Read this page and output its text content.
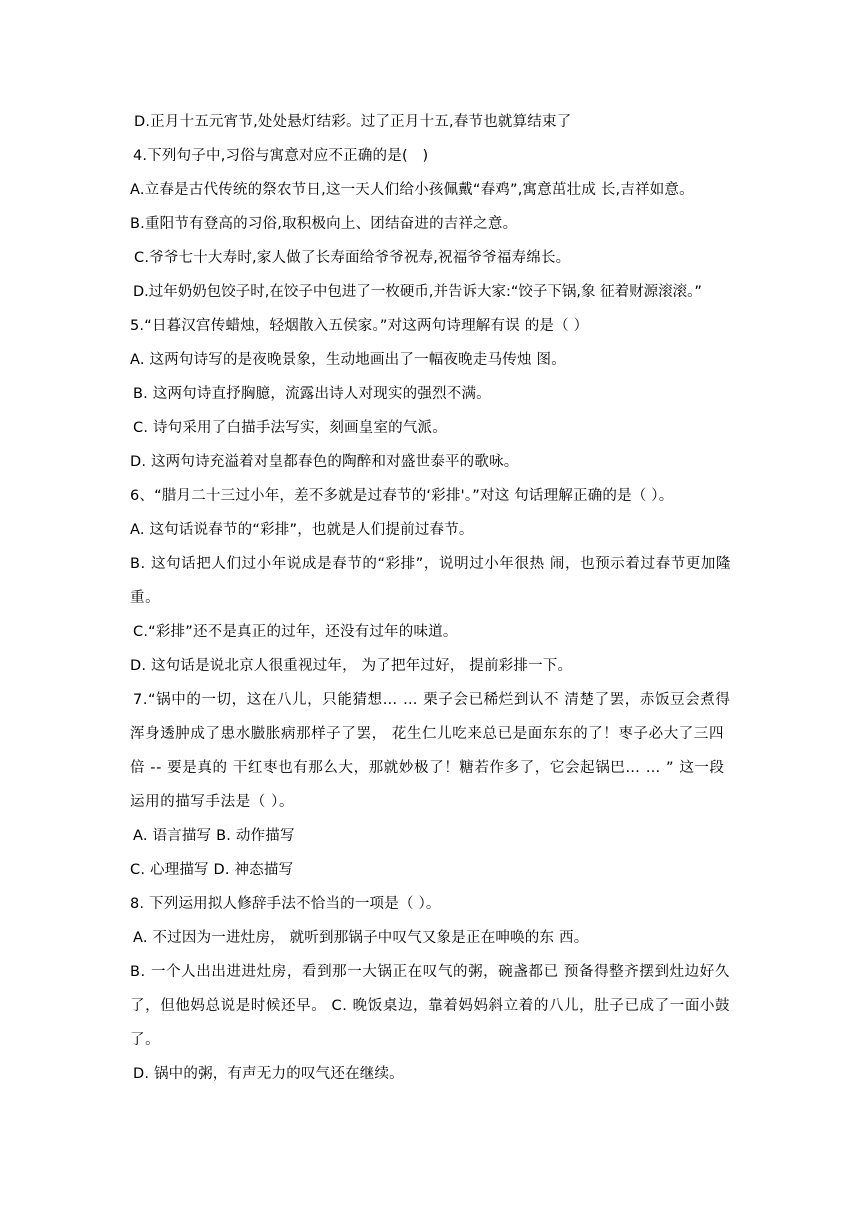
D.正月十五元宵节,处处悬灯结彩。过了正月十五,春节也就算结束了
4.下列句子中,习俗与寓意对应不正确的是(　)
A.立春是古代传统的祭农节日,这一天人们给小孩佩戴“春鸡”,寓意茁壮成 长,吉祥如意。
B.重阳节有登高的习俗,取积极向上、团结奋进的吉祥之意。
C.爷爷七十大寿时,家人做了长寿面给爷爷祝寿,祝福爷爷福寿绵长。
D.过年奶奶包饺子时,在饺子中包进了一枚硬币,并告诉大家:“饺子下锅,象 征着财源滚滚。”
5.“日暮汉宫传蜡烛，轻烟散入五侯家。”对这两句诗理解有误 的是（ ）
A. 这两句诗写的是夜晚景象，生动地画出了一幅夜晚走马传烛 图。
B. 这两句诗直抒胸臆，流露出诗人对现实的强烈不满。
C. 诗句采用了白描手法写实，刻画皇室的气派。
D. 这两句诗充溢着对皇都春色的陶醉和对盛世泰平的歌咏。
6、“腊月二十三过小年，差不多就是过春节的‘彩排'。”对这 句话理解正确的是（ ）。
A. 这句话说春节的“彩排”，也就是人们提前过春节。
B. 这句话把人们过小年说成是春节的“彩排”，说明过小年很热 闹，也预示着过春节更加隆重。
C.“彩排”还不是真正的过年，还没有过年的味道。
D. 这句话是说北京人很重视过年， 为了把年过好， 提前彩排一下。
7.“锅中的一切，这在八儿，只能猜想… … 栗子会已稀烂到认不 清楚了罢，赤饭豆会煮得浑身透肿成了患水臌胀病那样子了罢， 花生仁儿吃来总已是面东东的了！枣子必大了三四倍 -- 要是真的 干红枣也有那么大，那就妙极了！糖若作多了，它会起锅巴… … ” 这一段运用的描写手法是（ ）。
A. 语言描写 B. 动作描写
C. 心理描写 D. 神态描写
8. 下列运用拟人修辞手法不恰当的一项是（ ）。
A. 不过因为一进灶房， 就听到那锅子中叹气又象是正在呻唤的东 西。
B. 一个人出出进进灶房，看到那一大锅正在叹气的粥，碗盏都已 预备得整齐摆到灶边好久了，但他妈总说是时候还早。 C. 晚饭桌边，靠着妈妈斜立着的八儿，肚子已成了一面小鼓了。
D. 锅中的粥，有声无力的叹气还在继续。
